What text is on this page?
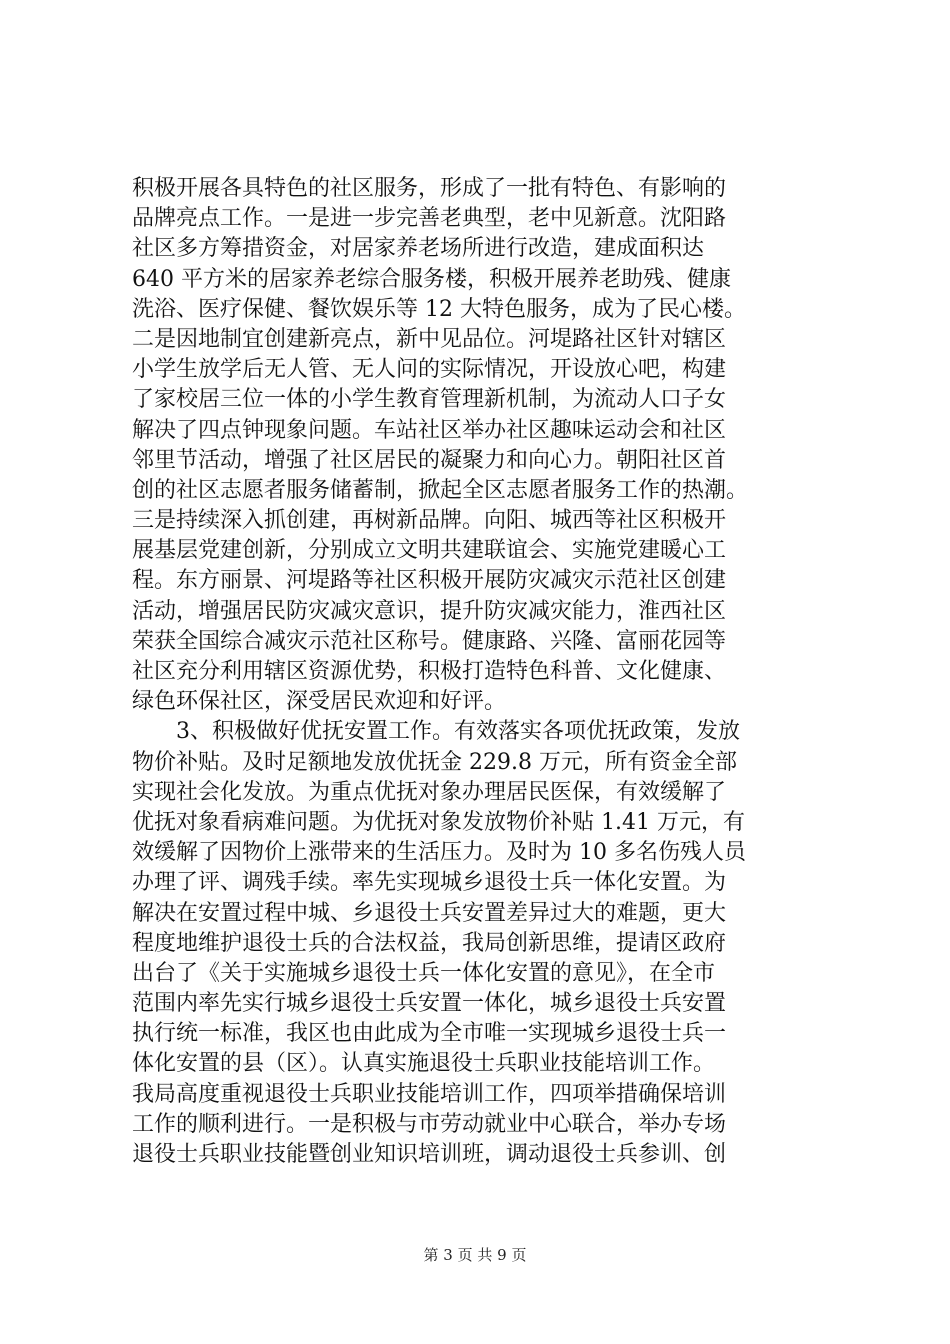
积极开展各具特色的社区服务，形成了一批有特色、有影响的
品牌亮点工作。一是进一步完善老典型，老中见新意。沈阳路
社区多方筹措资金，对居家养老场所进行改造，建成面积达
640 平方米的居家养老综合服务楼，积极开展养老助残、健康
洗浴、医疗保健、餐饮娱乐等 12 大特色服务，成为了民心楼。
二是因地制宜创建新亮点，新中见品位。河堤路社区针对辖区
小学生放学后无人管、无人问的实际情况，开设放心吧，构建
了家校居三位一体的小学生教育管理新机制，为流动人口子女
解决了四点钟现象问题。车站社区举办社区趣味运动会和社区
邻里节活动，增强了社区居民的凝聚力和向心力。朝阳社区首
创的社区志愿者服务储蓄制，掀起全区志愿者服务工作的热潮。
三是持续深入抓创建，再树新品牌。向阳、城西等社区积极开
展基层党建创新，分别成立文明共建联谊会、实施党建暖心工
程。东方丽景、河堤路等社区积极开展防灾减灾示范社区创建
活动，增强居民防灾减灾意识，提升防灾减灾能力，淮西社区
荣获全国综合减灾示范社区称号。健康路、兴隆、富丽花园等
社区充分利用辖区资源优势，积极打造特色科普、文化健康、
绿色环保社区，深受居民欢迎和好评。
　　3、积极做好优抚安置工作。有效落实各项优抚政策，发放
物价补贴。及时足额地发放优抚金 229.8 万元，所有资金全部
实现社会化发放。为重点优抚对象办理居民医保，有效缓解了
优抚对象看病难问题。为优抚对象发放物价补贴 1.41 万元，有
效缓解了因物价上涨带来的生活压力。及时为 10 多名伤残人员
办理了评、调残手续。率先实现城乡退役士兵一体化安置。为
解决在安置过程中城、乡退役士兵安置差异过大的难题，更大
程度地维护退役士兵的合法权益，我局创新思维，提请区政府
出台了《关于实施城乡退役士兵一体化安置的意见》，在全市
范围内率先实行城乡退役士兵安置一体化，城乡退役士兵安置
执行统一标准，我区也由此成为全市唯一实现城乡退役士兵一
体化安置的县（区）。认真实施退役士兵职业技能培训工作。
我局高度重视退役士兵职业技能培训工作，四项举措确保培训
工作的顺利进行。一是积极与市劳动就业中心联合，举办专场
退役士兵职业技能暨创业知识培训班，调动退役士兵参训、创
第 3 页 共 9 页
